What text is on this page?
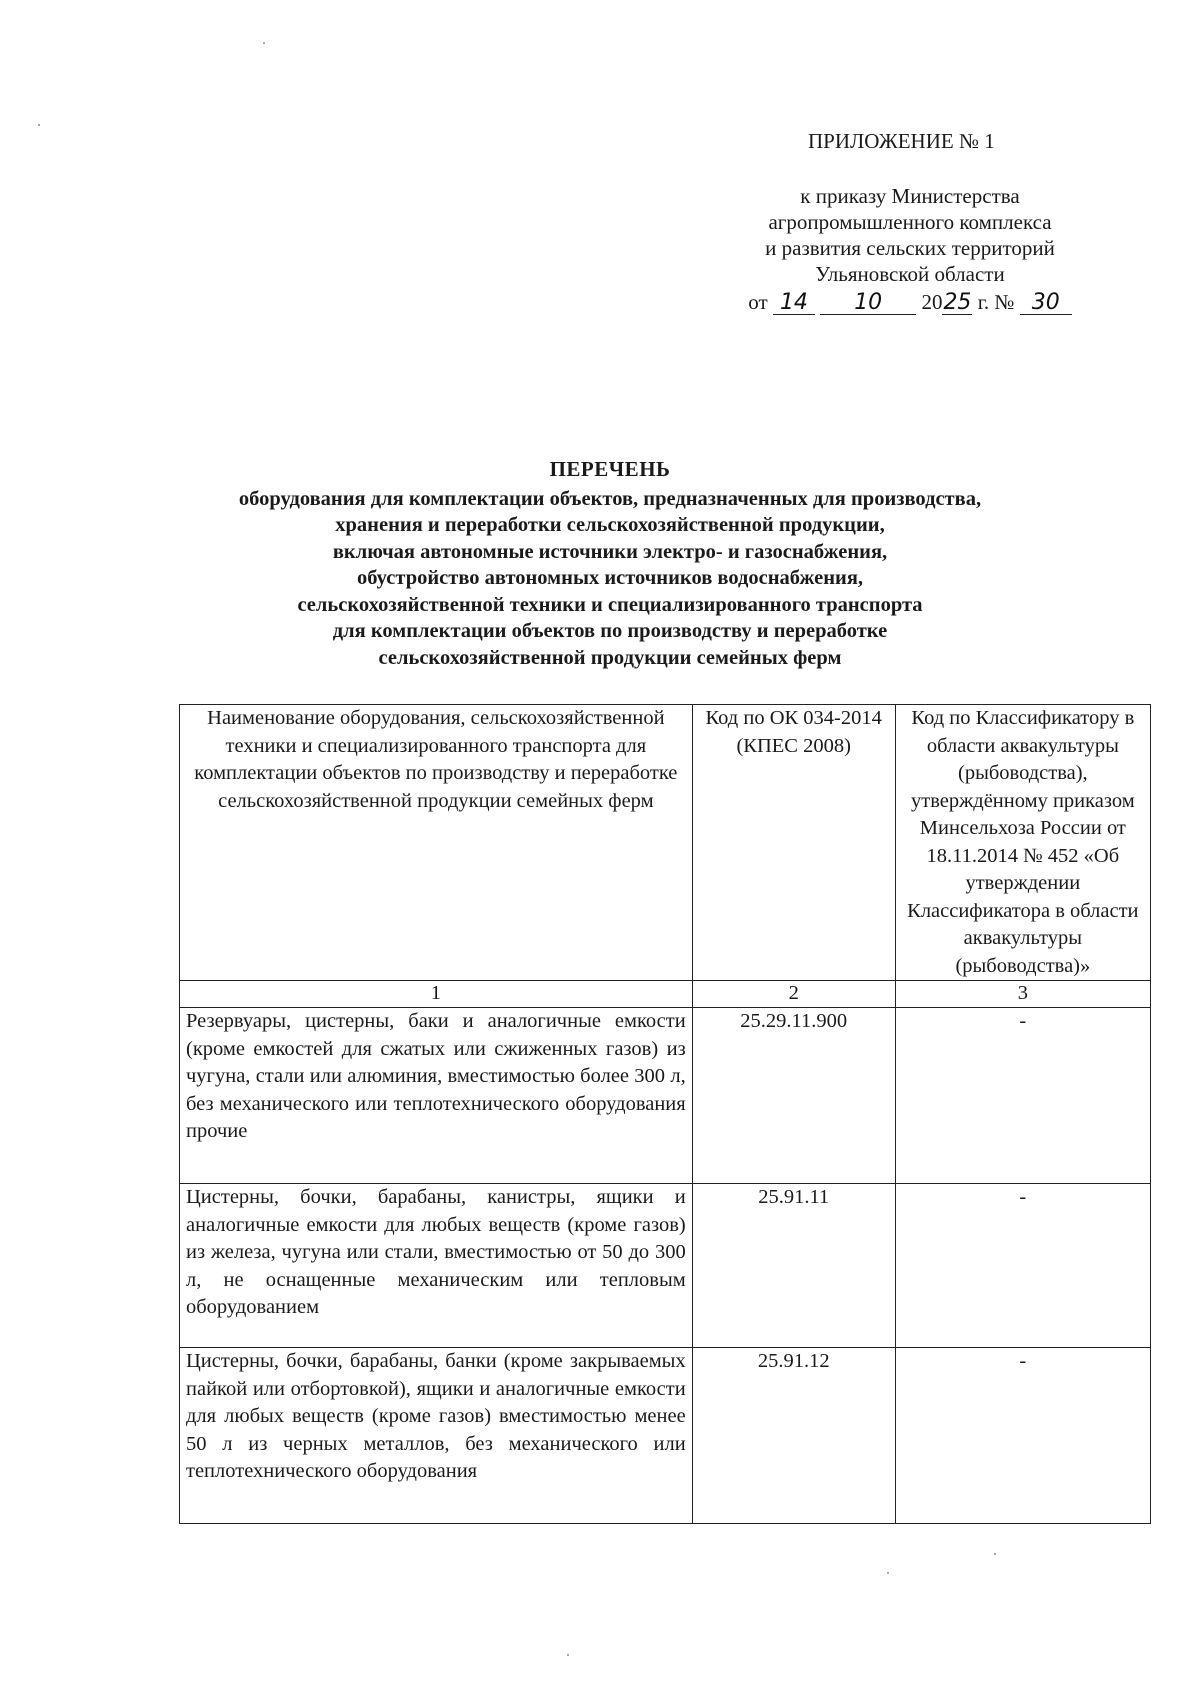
ПРИЛОЖЕНИЕ № 1
к приказу Министерства
агропромышленного комплекса
и развития сельских территорий
Ульяновской области
от 14 10 2025 г. № 30
ПЕРЕЧЕНЬ
оборудования для комплектации объектов, предназначенных для производства,
хранения и переработки сельскохозяйственной продукции,
включая автономные источники электро- и газоснабжения,
обустройство автономных источников водоснабжения,
сельскохозяйственной техники и специализированного транспорта
для комплектации объектов по производству и переработке
сельскохозяйственной продукции семейных ферм
Наименование оборудования, сельскохозяйственной техники и специализированного транспорта для комплектации объектов по производству и переработке сельскохозяйственной продукции семейных ферм	Код по ОК 034-2014 (КПЕС 2008)	Код по Классификатору в области аквакультуры (рыбоводства), утверждённому приказом Минсельхоза России от 18.11.2014 № 452 «Об утверждении Классификатора в области аквакультуры (рыбоводства)»
1	2	3
Резервуары, цистерны, баки и аналогичные емкости (кроме емкостей для сжатых или сжиженных газов) из чугуна, стали или алюминия, вместимостью более 300 л, без механического или теплотехнического оборудования прочие	25.29.11.900	-
Цистерны, бочки, барабаны, канистры, ящики и аналогичные емкости для любых веществ (кроме газов) из железа, чугуна или стали, вместимостью от 50 до 300 л, не оснащенные механическим или тепловым оборудованием	25.91.11	-
Цистерны, бочки, барабаны, банки (кроме закрываемых пайкой или отбортовкой), ящики и аналогичные емкости для любых веществ (кроме газов) вместимостью менее 50 л из черных металлов, без механического или теплотехнического оборудования	25.91.12	-
